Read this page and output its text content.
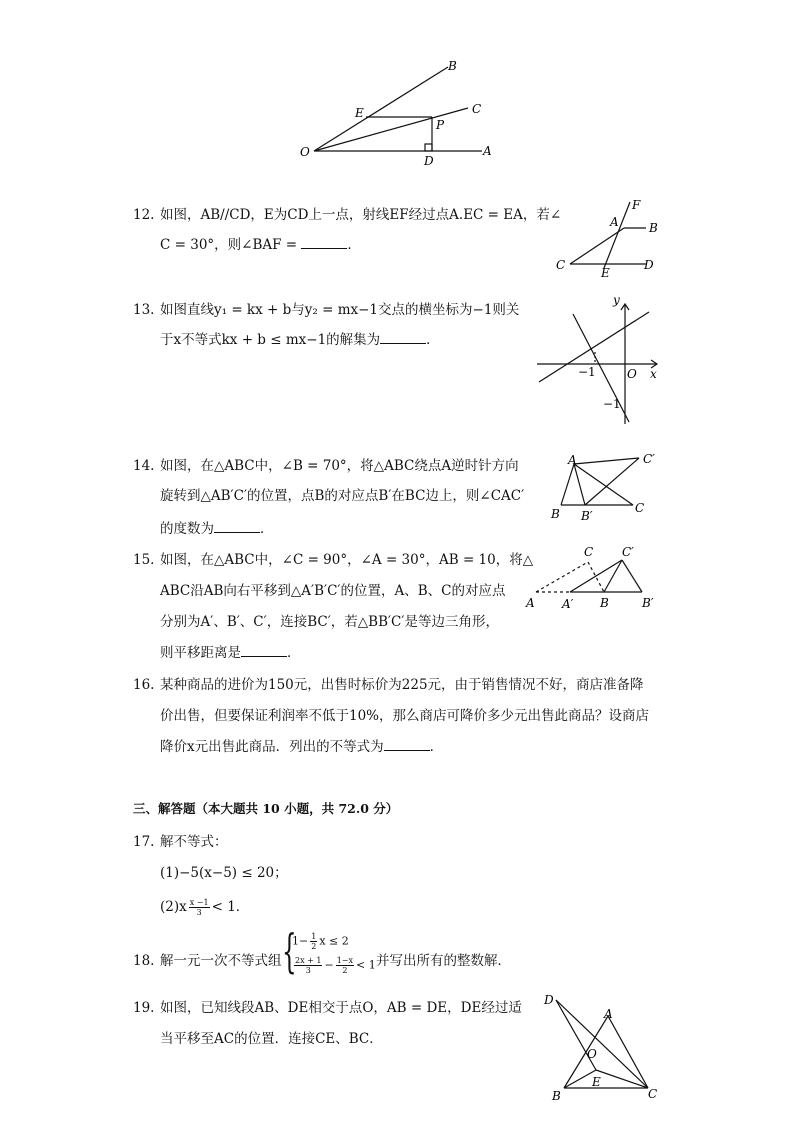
B
C
E
P
O
D
A
12. 如图，AB//CD，E为CD上一点，射线EF经过点A.EC = EA，若∠
C = 30°，则∠BAF =	．
F
A	B
C
E
D
13. 如图直线y₁ = kx + b与y₂ = mx−1交点的横坐标为−1则关
于x不等式kx + b ≤ mx−1的解集为	．
y
x
O
−1
−1
14. 如图，在△ABC中，∠B = 70°，将△ABC绕点A逆时针方向
旋转到△AB′C′的位置，点B的对应点B′在BC边上，则∠CAC′
的度数为	．
A	C′
B B′
C
15. 如图，在△ABC中，∠C = 90°，∠A = 30°，AB = 10，将△
ABC沿AB向右平移到△A′B′C′的位置，A、B、C的对应点
分别为A′、B′、C′，连接BC′，若△BB′C′是等边三角形，
则平移距离是	．
C C′
A A′ B	B′
16. 某种商品的进价为150元，出售时标价为225元，由于销售情况不好，商店准备降
价出售，但要保证利润率不低于10%，那么商店可降价多少元出售此商品？设商店
降价x元出售此商品．列出的不等式为	．
三、解答题（本大题共 10 小题，共 72.0 分）
17. 解不等式：
(1)−5(x−5) ≤ 20；
$(2)x \frac{x -1}{3} < 1$．
18. 解一元一次不等式组 {
$1- \frac{1}{2}$ x ≤ 2
$\frac{2x + 1}{3} - \frac{1-x}{2} < 1$ 并写出所有的整数解．
19. 如图，已知线段AB、DE相交于点O，AB = DE，DE经过适
当平移至AC的位置．连接CE、BC．
D
A
O
E
B	C
